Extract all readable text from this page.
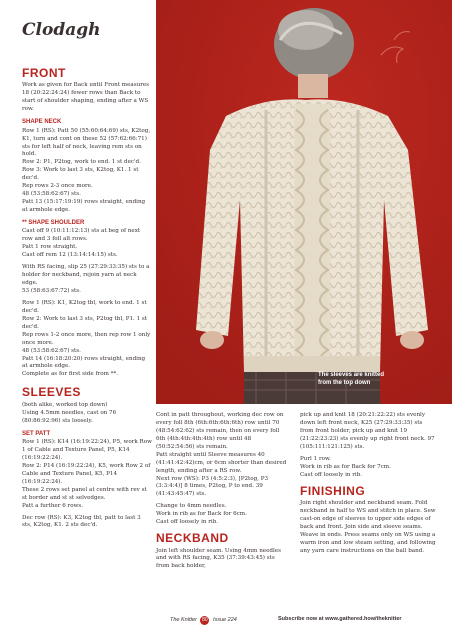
Clodagh
The sleeves are knitted from the top down
FRONT

Work as given for Back until Front measures 18 (20:22:24:24) fewer rows than Back to start of shoulder shaping, ending after a WS row.

SHAPE NECK

Row 1 (RS): Patt 50 (55:60:64:69) sts, K2tog, K1, turn and cont on these 52 (57:62:66:71) sts for left half of neck, leaving rem sts on hold.

Row 2: P1, P2tog, work to end. 1 st dec'd.

Row 3: Work to last 3 sts, K2tog, K1. 1 st dec'd.

Rep rows 2-3 once more.

48 (53:58:62:67) sts.

Patt 13 (15:17:19:19) rows straight, ending at armhole edge.

** SHAPE SHOULDER

Cast off 9 (10:11:12:13) sts at beg of next row and 3 foll alt rows.

Patt 1 row straight.

Cast off rem 12 (13:14:14:15) sts.

With RS facing, slip 25 (27:29:33:35) sts to a holder for neckband, rejoin yarn at neck edge.

53 (58:63:67:72) sts.

Row 1 (RS): K1, K2tog tbl, work to end. 1 st dec'd.

Row 2: Work to last 3 sts, P2tog tbl, P1. 1 st dec'd.

Rep rows 1-2 once more, then rep row 1 only once more.

48 (53:58:62:67) sts.

Patt 14 (16:18:20:20) rows straight, ending at armhole edge.

Complete as for first side from **.

SLEEVES

(both alike, worked top down)

Using 4.5mm needles, cast on 76 (80:86:92:96) sts loosely.

SET PATT

Row 1 (RS): K14 (16:19:22:24), P5, work Row 1 of Cable and Texture Panel, P5, K14 (16:19:22:24).

Row 2: P14 (16:19:22:24), K5, work Row 2 of Cable and Texture Panel, K5, P14 (16:19:22:24).

These 2 rows set panel at centre with rev st st border and st st selvedges.

Patt a further 6 rows.

Dec row (RS): K3, K2tog tbl, patt to last 3 sts, K2tog, K1. 2 sts dec'd.

Cont in patt throughout, working dec row on every foll 8th (6th:6th:6th:6th) row until 70 (48:54:62:62) sts remain, then on every foll 6th (4th:4th:4th:4th) row until 48 (50:52:54:56) sts remain.

Patt straight until Sleeve measures 40 (41:41:42:42)cm, or 6cm shorter than desired length, ending after a RS row.

Next row (WS): P3 (4:5:2:3), [P2tog, P3 (3:3:4:4)] 8 times, P2tog, P to end. 39 (41:43:45:47) sts.

Change to 4mm needles.

Work in rib as for Back for 6cm.

Cast off loosely in rib.

NECKBAND

Join left shoulder seam. Using 4mm needles and with RS facing, K35 (37:39:43:45) sts from back holder,

pick up and knit 18 (20:21:22:22) sts evenly down left front neck, K25 (27:29:33:35) sts from front holder, pick up and knit 19 (21:22:23:23) sts evenly up right front neck. 97 (105:111:121:125) sts.

Purl 1 row.

Work in rib as for Back for 7cm.

Cast off loosely in rib.

FINISHING

Join right shoulder and neckband seam. Fold neckband in half to WS and stitch in place. Sew cast-on edge of sleeves to upper side edges of back and front. Join side and sleeve seams.

Weave in ends. Press seams only on WS using a warm iron and low steam setting, and following any yarn care instructions on the ball band.

The Knitter 80 Issue 224	Subscribe now at www.gathered.how/theknitter
